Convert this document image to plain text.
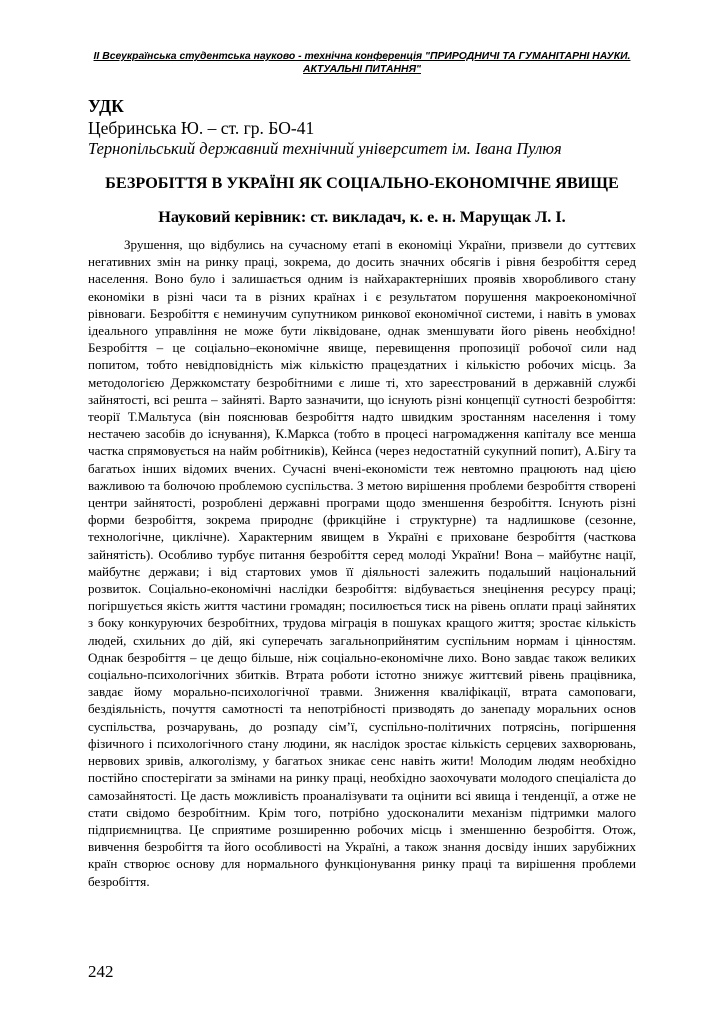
ІІ Всеукраїнська студентська науково - технічна конференція "ПРИРОДНИЧІ ТА ГУМАНІТАРНІ НАУКИ.
АКТУАЛЬНІ ПИТАННЯ"
УДК
Цебринська Ю. – ст. гр. БО-41
Тернопільський державний технічний університет ім. Івана Пулюя
БЕЗРОБІТТЯ В УКРАЇНІ ЯК СОЦІАЛЬНО-ЕКОНОМІЧНЕ ЯВИЩЕ
Науковий керівник: ст. викладач, к. е. н. Марущак Л. І.

Зрушення, що відбулись на сучасному етапі в економіці України, призвели до суттєвих негативних змін на ринку праці, зокрема, до досить значних обсягів і рівня безробіття серед населення. Воно було і залишається одним із найхарактерніших проявів хворобливого стану економіки в різні часи та в різних країнах і є результатом порушення макроекономічної рівноваги. Безробіття є неминучим супутником ринкової економічної системи, і навіть в умовах ідеального управління не може бути ліквідоване, однак зменшувати його рівень необхідно! Безробіття – це соціально–економічне явище, перевищення пропозиції робочої сили над попитом, тобто невідповідність між кількістю працездатних і кількістю робочих місць. За методологією Держкомстату безробітними є лише ті, хто зареєстрований в державній службі зайнятості, всі решта – зайняті. Варто зазначити, що існують різні концепції сутності безробіття: теорії Т.Мальтуса (він пояснював безробіття надто швидким зростанням населення і тому нестачею засобів до існування), К.Маркса (тобто в процесі нагромадження капіталу все менша частка спрямовується на найм робітників), Кейнса (через недостатній сукупний попит), А.Бігу та багатьох інших відомих вчених. Сучасні вчені-економісти теж невтомно працюють над цією важливою та болючою проблемою суспільства. З метою вирішення проблеми безробіття створені центри зайнятості, розроблені державні програми щодо зменшення безробіття. Існують різні форми безробіття, зокрема природнє (фрикційне і структурне) та надлишкове (сезонне, технологічне, циклічне). Характерним явищем в Україні є приховане безробіття (часткова зайнятість). Особливо турбує питання безробіття серед молоді України! Вона – майбутнє нації, майбутнє держави; і від стартових умов її діяльності залежить подальший національний розвиток. Соціально-економічні наслідки безробіття: відбувається знецінення ресурсу праці; погіршується якість життя частини громадян; посилюється тиск на рівень оплати праці зайнятих з боку конкуруючих безробітних, трудова міграція в пошуках кращого життя; зростає кількість людей, схильних до дій, які суперечать загальноприйнятим суспільним нормам і цінностям. Однак безробіття – це дещо більше, ніж соціально-економічне лихо. Воно завдає також великих соціально-психологічних збитків. Втрата роботи істотно знижує життєвий рівень працівника, завдає йому морально-психологічної травми. Зниження кваліфікації, втрата самоповаги, бездіяльність, почуття самотності та непотрібності призводять до занепаду моральних основ суспільства, розчарувань, до розпаду сім’ї, суспільно-політичних потрясінь, погіршення фізичного і психологічного стану людини, як наслідок зростає кількість серцевих захворювань, нервових зривів, алкоголізму, у багатьох зникає сенс навіть жити! Молодим людям необхідно постійно спостерігати за змінами на ринку праці, необхідно заохочувати молодого спеціаліста до самозайнятості. Це дасть можливість проаналізувати та оцінити всі явища і тенденції, а отже не стати свідомо безробітним. Крім того, потрібно удосконалити механізм підтримки малого підприємництва. Це сприятиме розширенню робочих місць і зменшенню безробіття. Отож, вивчення безробіття та його особливості на Україні, а також знання досвіду інших зарубіжних країн створює основу для нормального функціонування ринку праці та вирішення проблеми безробіття.

242
